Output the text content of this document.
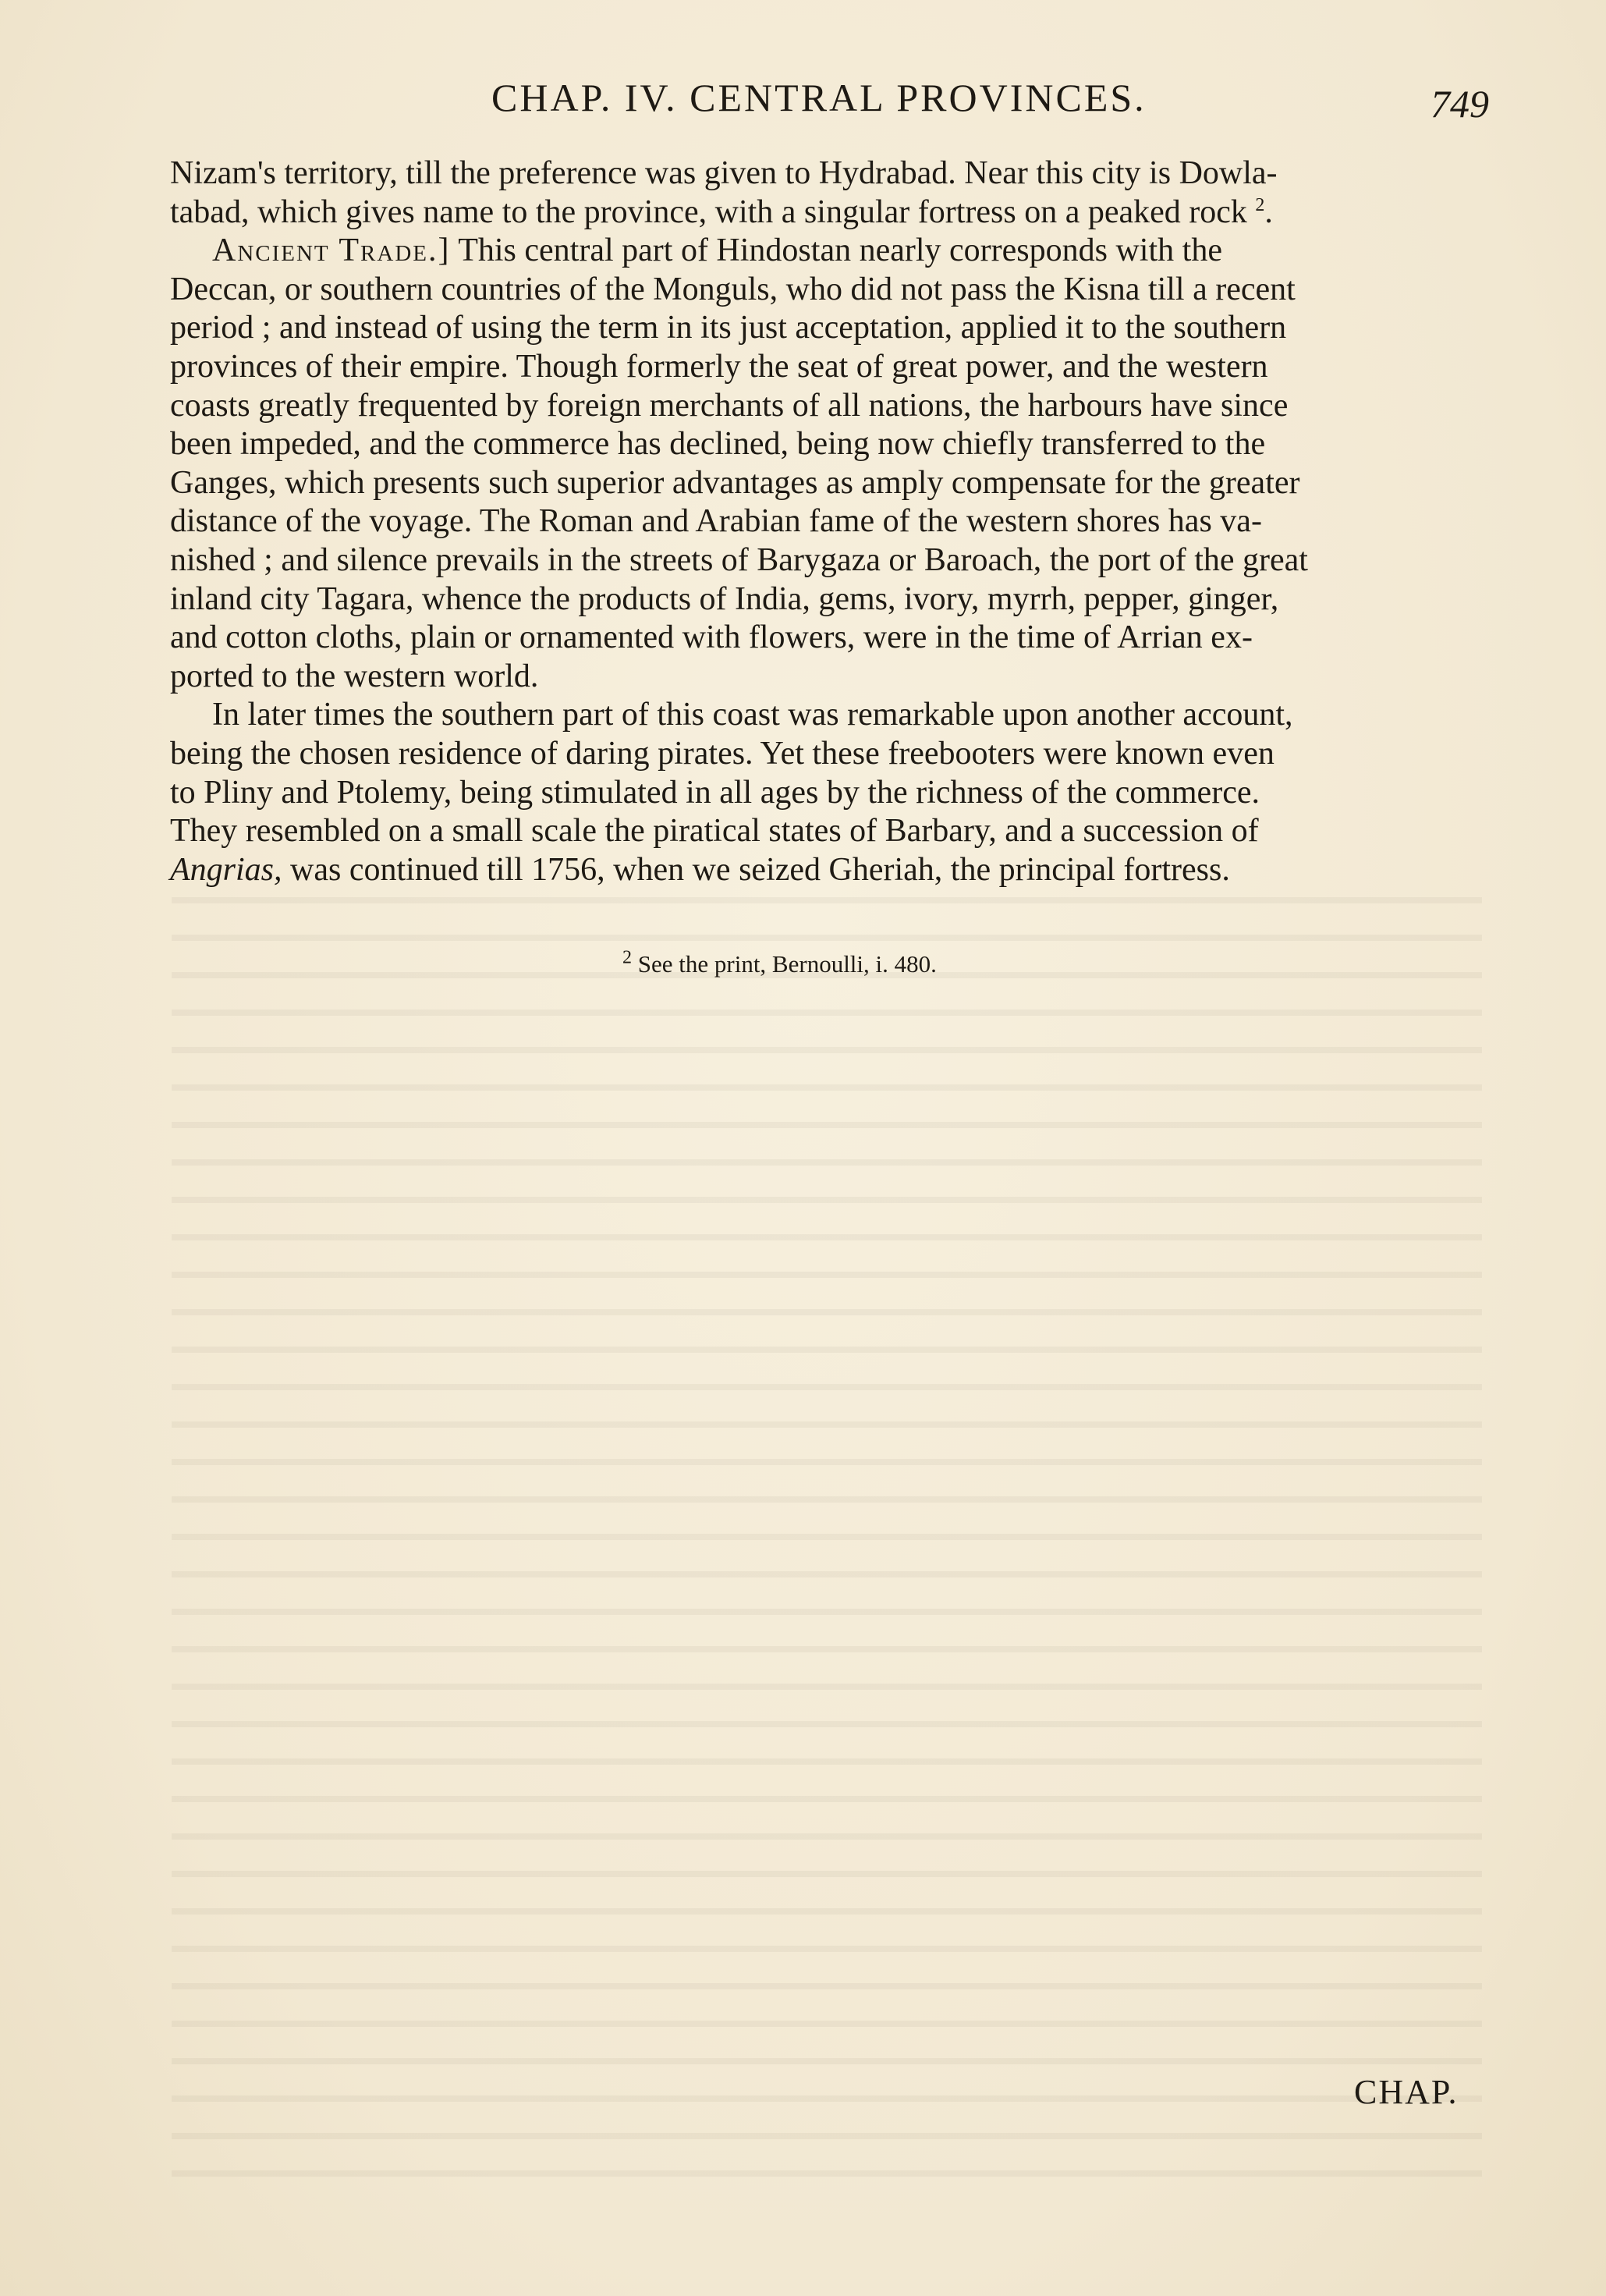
CHAP. IV. CENTRAL PROVINCES.	749
Nizam's territory, till the preference was given to Hydrabad. Near this city is Dowla-
tabad, which gives name to the province, with a singular fortress on a peaked rock $^2$.
Ancient Trade.] This central part of Hindostan nearly corresponds with the
Deccan, or southern countries of the Monguls, who did not pass the Kisna till a recent
period ; and instead of using the term in its just acceptation, applied it to the southern
provinces of their empire. Though formerly the seat of great power, and the western
coasts greatly frequented by foreign merchants of all nations, the harbours have since
been impeded, and the commerce has declined, being now chiefly transferred to the
Ganges, which presents such superior advantages as amply compensate for the greater
distance of the voyage. The Roman and Arabian fame of the western shores has va-
nished ; and silence prevails in the streets of Barygaza or Baroach, the port of the great
inland city Tagara, whence the products of India, gems, ivory, myrrh, pepper, ginger,
and cotton cloths, plain or ornamented with flowers, were in the time of Arrian ex-
ported to the western world.
In later times the southern part of this coast was remarkable upon another account,
being the chosen residence of daring pirates. Yet these freebooters were known even
to Pliny and Ptolemy, being stimulated in all ages by the richness of the commerce.
They resembled on a small scale the piratical states of Barbary, and a succession of
Angrias, was continued till 1756, when we seized Gheriah, the principal fortress.
$^2$ See the print, Bernoulli, i. 480.
CHAP.
